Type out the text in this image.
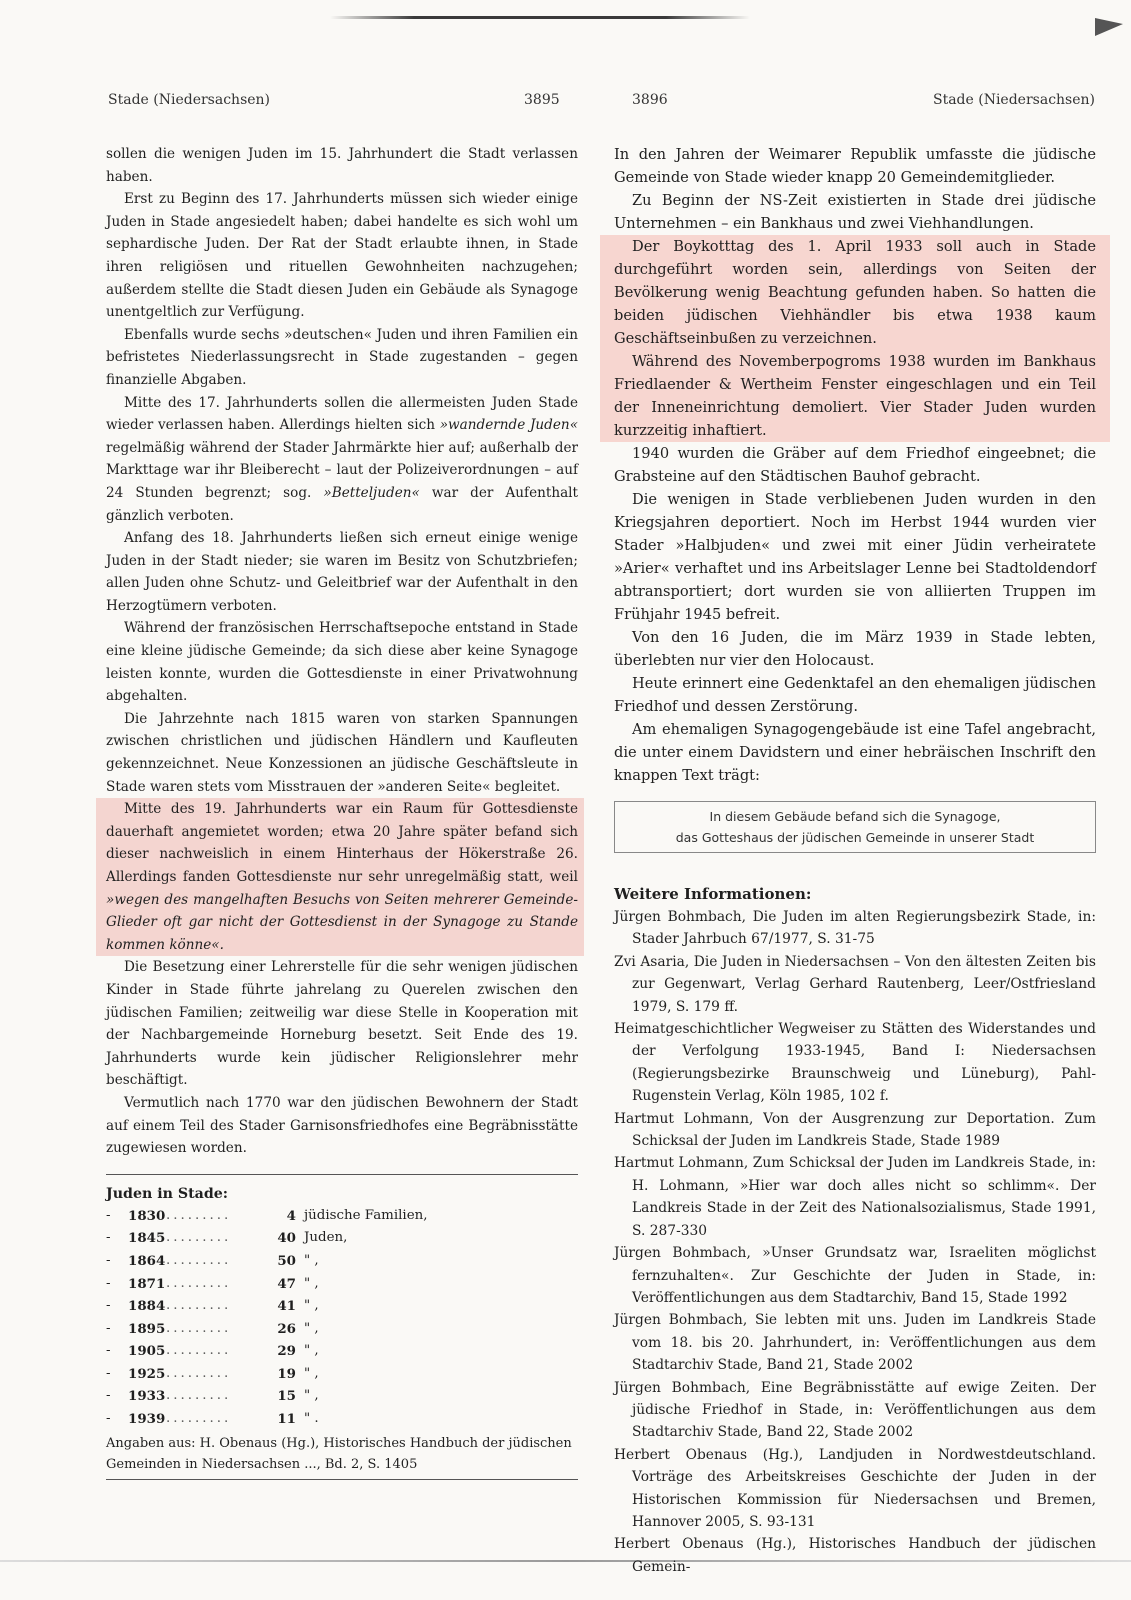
Stade (Niedersachsen)	3895	3896	Stade (Niedersachsen)

sollen die wenigen Juden im 15. Jahrhundert die Stadt verlassen haben.

Erst zu Beginn des 17. Jahrhunderts müssen sich wieder einige Juden in Stade angesiedelt haben; dabei handelte es sich wohl um sephardische Juden. Der Rat der Stadt erlaubte ihnen, in Stade ihren religiösen und rituellen Gewohnheiten nachzugehen; außerdem stellte die Stadt diesen Juden ein Gebäude als Synagoge unentgeltlich zur Verfügung.

Ebenfalls wurde sechs »deutschen« Juden und ihren Familien ein befristetes Niederlassungsrecht in Stade zugestanden – gegen finanzielle Abgaben.

Mitte des 17. Jahrhunderts sollen die allermeisten Juden Stade wieder verlassen haben. Allerdings hielten sich »wandernde Juden« regelmäßig während der Stader Jahrmärkte hier auf; außerhalb der Markttage war ihr Bleiberecht – laut der Polizeiverordnungen – auf 24 Stunden begrenzt; sog. »Betteljuden« war der Aufenthalt gänzlich verboten.

Anfang des 18. Jahrhunderts ließen sich erneut einige wenige Juden in der Stadt nieder; sie waren im Besitz von Schutzbriefen; allen Juden ohne Schutz- und Geleitbrief war der Aufenthalt in den Herzogtümern verboten.

Während der französischen Herrschaftsepoche entstand in Stade eine kleine jüdische Gemeinde; da sich diese aber keine Synagoge leisten konnte, wurden die Gottesdienste in einer Privatwohnung abgehalten.

Die Jahrzehnte nach 1815 waren von starken Spannungen zwischen christlichen und jüdischen Händlern und Kaufleuten gekennzeichnet. Neue Konzessionen an jüdische Geschäftsleute in Stade waren stets vom Misstrauen der »anderen Seite« begleitet.

Mitte des 19. Jahrhunderts war ein Raum für Gottesdienste dauerhaft angemietet worden; etwa 20 Jahre später befand sich dieser nachweislich in einem Hinterhaus der Hökerstraße 26. Allerdings fanden Gottesdienste nur sehr unregelmäßig statt, weil »wegen des mangelhaften Besuchs von Seiten mehrerer Gemeinde-Glieder oft gar nicht der Gottesdienst in der Synagoge zu Stande kommen könne«.

Die Besetzung einer Lehrerstelle für die sehr wenigen jüdischen Kinder in Stade führte jahrelang zu Querelen zwischen den jüdischen Familien; zeitweilig war diese Stelle in Kooperation mit der Nachbargemeinde Horneburg besetzt. Seit Ende des 19. Jahrhunderts wurde kein jüdischer Religionslehrer mehr beschäftigt.

Vermutlich nach 1770 war den jüdischen Bewohnern der Stadt auf einem Teil des Stader Garnisonsfriedhofes eine Begräbnisstätte zugewiesen worden.

Juden in Stade:
-	1830 .........	4 jüdische Familien,
-	1845 .........	40 Juden,
-	1864 .........	50 " ,
-	1871 .........	47 " ,
-	1884 .........	41 " ,
-	1895 .........	26 " ,
-	1905 .........	29 " ,
-	1925 .........	19 " ,
-	1933 .........	15 " ,
-	1939 .........	11 " .
Angaben aus: H. Obenaus (Hg.), Historisches Handbuch der jüdischen Gemeinden in Niedersachsen ..., Bd. 2, S. 1405

In den Jahren der Weimarer Republik umfasste die jüdische Gemeinde von Stade wieder knapp 20 Gemeindemitglieder.

Zu Beginn der NS-Zeit existierten in Stade drei jüdische Unternehmen – ein Bankhaus und zwei Viehhandlungen.

Der Boykotttag des 1. April 1933 soll auch in Stade durchgeführt worden sein, allerdings von Seiten der Bevölkerung wenig Beachtung gefunden haben. So hatten die beiden jüdischen Viehhändler bis etwa 1938 kaum Geschäftseinbußen zu verzeichnen.

Während des Novemberpogroms 1938 wurden im Bankhaus Friedlaender & Wertheim Fenster eingeschlagen und ein Teil der Inneneinrichtung demoliert. Vier Stader Juden wurden kurzzeitig inhaftiert.

1940 wurden die Gräber auf dem Friedhof eingeebnet; die Grabsteine auf den Städtischen Bauhof gebracht.

Die wenigen in Stade verbliebenen Juden wurden in den Kriegsjahren deportiert. Noch im Herbst 1944 wurden vier Stader »Halbjuden« und zwei mit einer Jüdin verheiratete »Arier« verhaftet und ins Arbeitslager Lenne bei Stadtoldendorf abtransportiert; dort wurden sie von alliierten Truppen im Frühjahr 1945 befreit.

Von den 16 Juden, die im März 1939 in Stade lebten, überlebten nur vier den Holocaust.

Heute erinnert eine Gedenktafel an den ehemaligen jüdischen Friedhof und dessen Zerstörung.

Am ehemaligen Synagogengebäude ist eine Tafel angebracht, die unter einem Davidstern und einer hebräischen Inschrift den knappen Text trägt:

In diesem Gebäude befand sich die Synagoge,
das Gotteshaus der jüdischen Gemeinde in unserer Stadt
Weitere Informationen:

Jürgen Bohmbach, Die Juden im alten Regierungsbezirk Stade, in: Stader Jahrbuch 67/1977, S. 31-75

Zvi Asaria, Die Juden in Niedersachsen – Von den ältesten Zeiten bis zur Gegenwart, Verlag Gerhard Rautenberg, Leer/Ostfriesland 1979, S. 179 ff.

Heimatgeschichtlicher Wegweiser zu Stätten des Widerstandes und der Verfolgung 1933-1945, Band I: Niedersachsen (Regierungsbezirke Braunschweig und Lüneburg), Pahl-Rugenstein Verlag, Köln 1985, 102 f.

Hartmut Lohmann, Von der Ausgrenzung zur Deportation. Zum Schicksal der Juden im Landkreis Stade, Stade 1989

Hartmut Lohmann, Zum Schicksal der Juden im Landkreis Stade, in: H. Lohmann, »Hier war doch alles nicht so schlimm«. Der Landkreis Stade in der Zeit des Nationalsozialismus, Stade 1991, S. 287-330

Jürgen Bohmbach, »Unser Grundsatz war, Israeliten möglichst fernzuhalten«. Zur Geschichte der Juden in Stade, in: Veröffentlichungen aus dem Stadtarchiv, Band 15, Stade 1992

Jürgen Bohmbach, Sie lebten mit uns. Juden im Landkreis Stade vom 18. bis 20. Jahrhundert, in: Veröffentlichungen aus dem Stadtarchiv Stade, Band 21, Stade 2002

Jürgen Bohmbach, Eine Begräbnisstätte auf ewige Zeiten. Der jüdische Friedhof in Stade, in: Veröffentlichungen aus dem Stadtarchiv Stade, Band 22, Stade 2002

Herbert Obenaus (Hg.), Landjuden in Nordwestdeutschland. Vorträge des Arbeitskreises Geschichte der Juden in der Historischen Kommission für Niedersachsen und Bremen, Hannover 2005, S. 93-131

Herbert Obenaus (Hg.), Historisches Handbuch der jüdischen Gemein-
